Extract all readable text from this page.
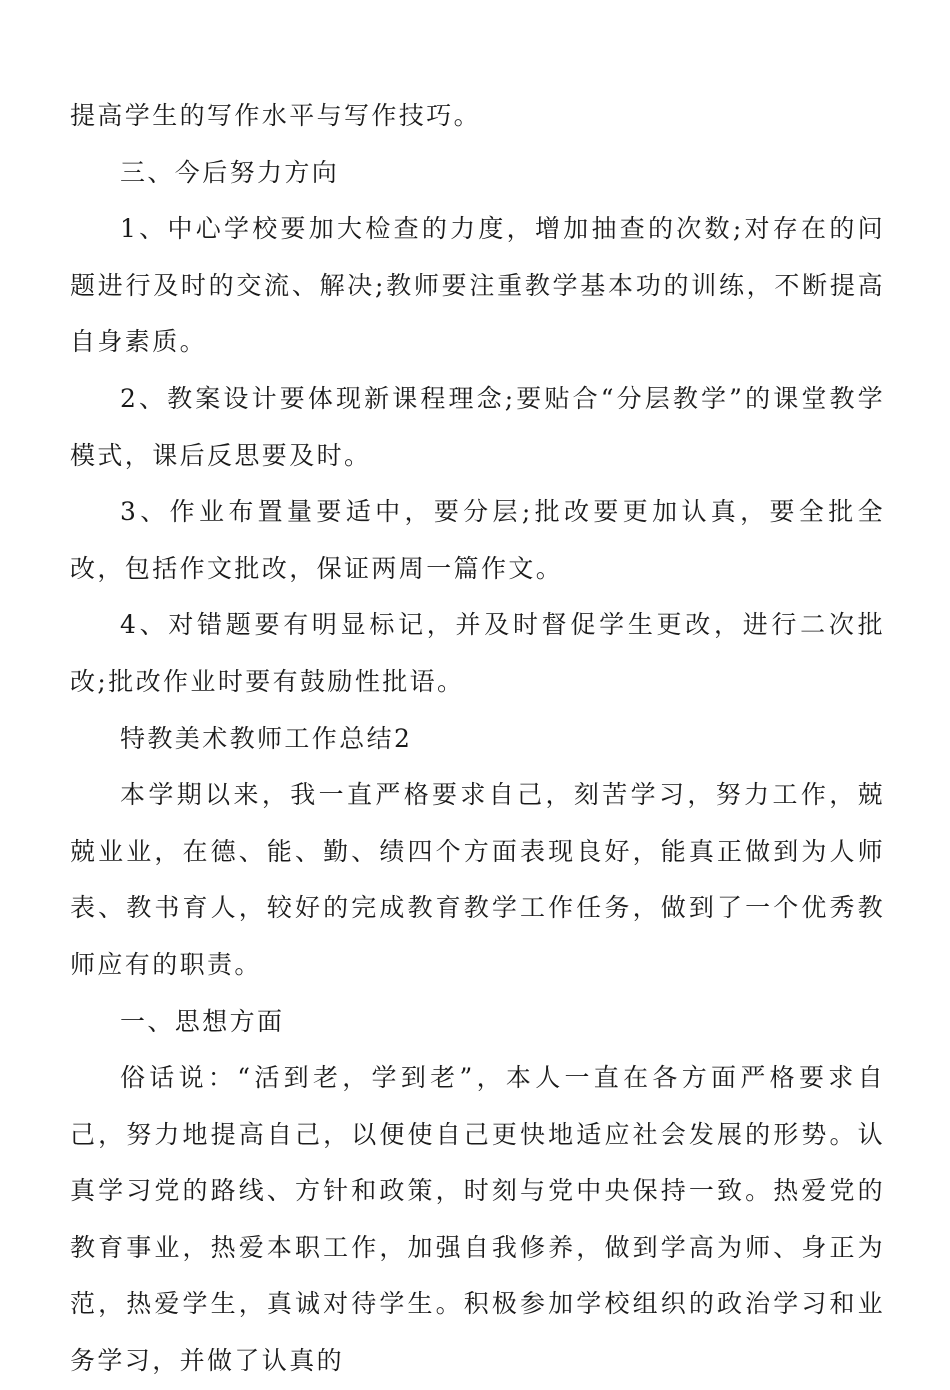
提高学生的写作水平与写作技巧。

三、今后努力方向

1、中心学校要加大检查的力度，增加抽查的次数;对存在的问题进行及时的交流、解决;教师要注重教学基本功的训练，不断提高自身素质。

2、教案设计要体现新课程理念;要贴合“分层教学”的课堂教学模式，课后反思要及时。

3、作业布置量要适中，要分层;批改要更加认真，要全批全改，包括作文批改，保证两周一篇作文。

4、对错题要有明显标记，并及时督促学生更改，进行二次批改;批改作业时要有鼓励性批语。

特教美术教师工作总结2

本学期以来，我一直严格要求自己，刻苦学习，努力工作，兢兢业业，在德、能、勤、绩四个方面表现良好，能真正做到为人师表、教书育人，较好的完成教育教学工作任务，做到了一个优秀教师应有的职责。

一、思想方面

俗话说：“活到老，学到老”，本人一直在各方面严格要求自己，努力地提高自己，以便使自己更快地适应社会发展的形势。认真学习党的路线、方针和政策，时刻与党中央保持一致。热爱党的教育事业，热爱本职工作，加强自我修养，做到学高为师、身正为范，热爱学生，真诚对待学生。积极参加学校组织的政治学习和业务学习，并做了认真的
